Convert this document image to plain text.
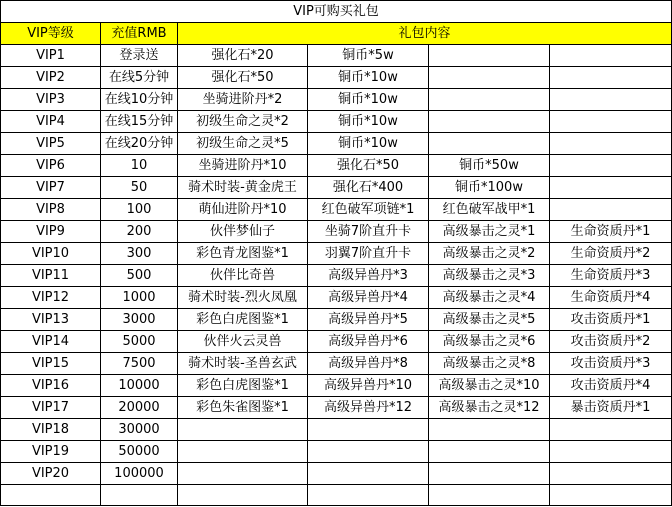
VIP可购买礼包					
VIP等级	充值RMB	礼包内容			
VIP1	登录送	强化石*20	铜币*5w		
VIP2	在线5分钟	强化石*50	铜币*10w		
VIP3	在线10分钟	坐骑进阶丹*2	铜币*10w		
VIP4	在线15分钟	初级生命之灵*2	铜币*10w		
VIP5	在线20分钟	初级生命之灵*5	铜币*10w		
VIP6	10	坐骑进阶丹*10	强化石*50	铜币*50w	
VIP7	50	骑术时装-黄金虎王	强化石*400	铜币*100w	
VIP8	100	萌仙进阶丹*10	红色破军项链*1	红色破军战甲*1	
VIP9	200	伙伴梦仙子	坐骑7阶直升卡	高级暴击之灵*1	生命资质丹*1
VIP10	300	彩色青龙图鉴*1	羽翼7阶直升卡	高级暴击之灵*2	生命资质丹*2
VIP11	500	伙伴比奇兽	高级异兽丹*3	高级暴击之灵*3	生命资质丹*3
VIP12	1000	骑术时装-烈火凤凰	高级异兽丹*4	高级暴击之灵*4	生命资质丹*4
VIP13	3000	彩色白虎图鉴*1	高级异兽丹*5	高级暴击之灵*5	攻击资质丹*1
VIP14	5000	伙伴火云灵兽	高级异兽丹*6	高级暴击之灵*6	攻击资质丹*2
VIP15	7500	骑术时装-圣兽玄武	高级异兽丹*8	高级暴击之灵*8	攻击资质丹*3
VIP16	10000	彩色白虎图鉴*1	高级异兽丹*10	高级暴击之灵*10	攻击资质丹*4
VIP17	20000	彩色朱雀图鉴*1	高级异兽丹*12	高级暴击之灵*12	暴击资质丹*1
VIP18	30000				
VIP19	50000				
VIP20	100000				
